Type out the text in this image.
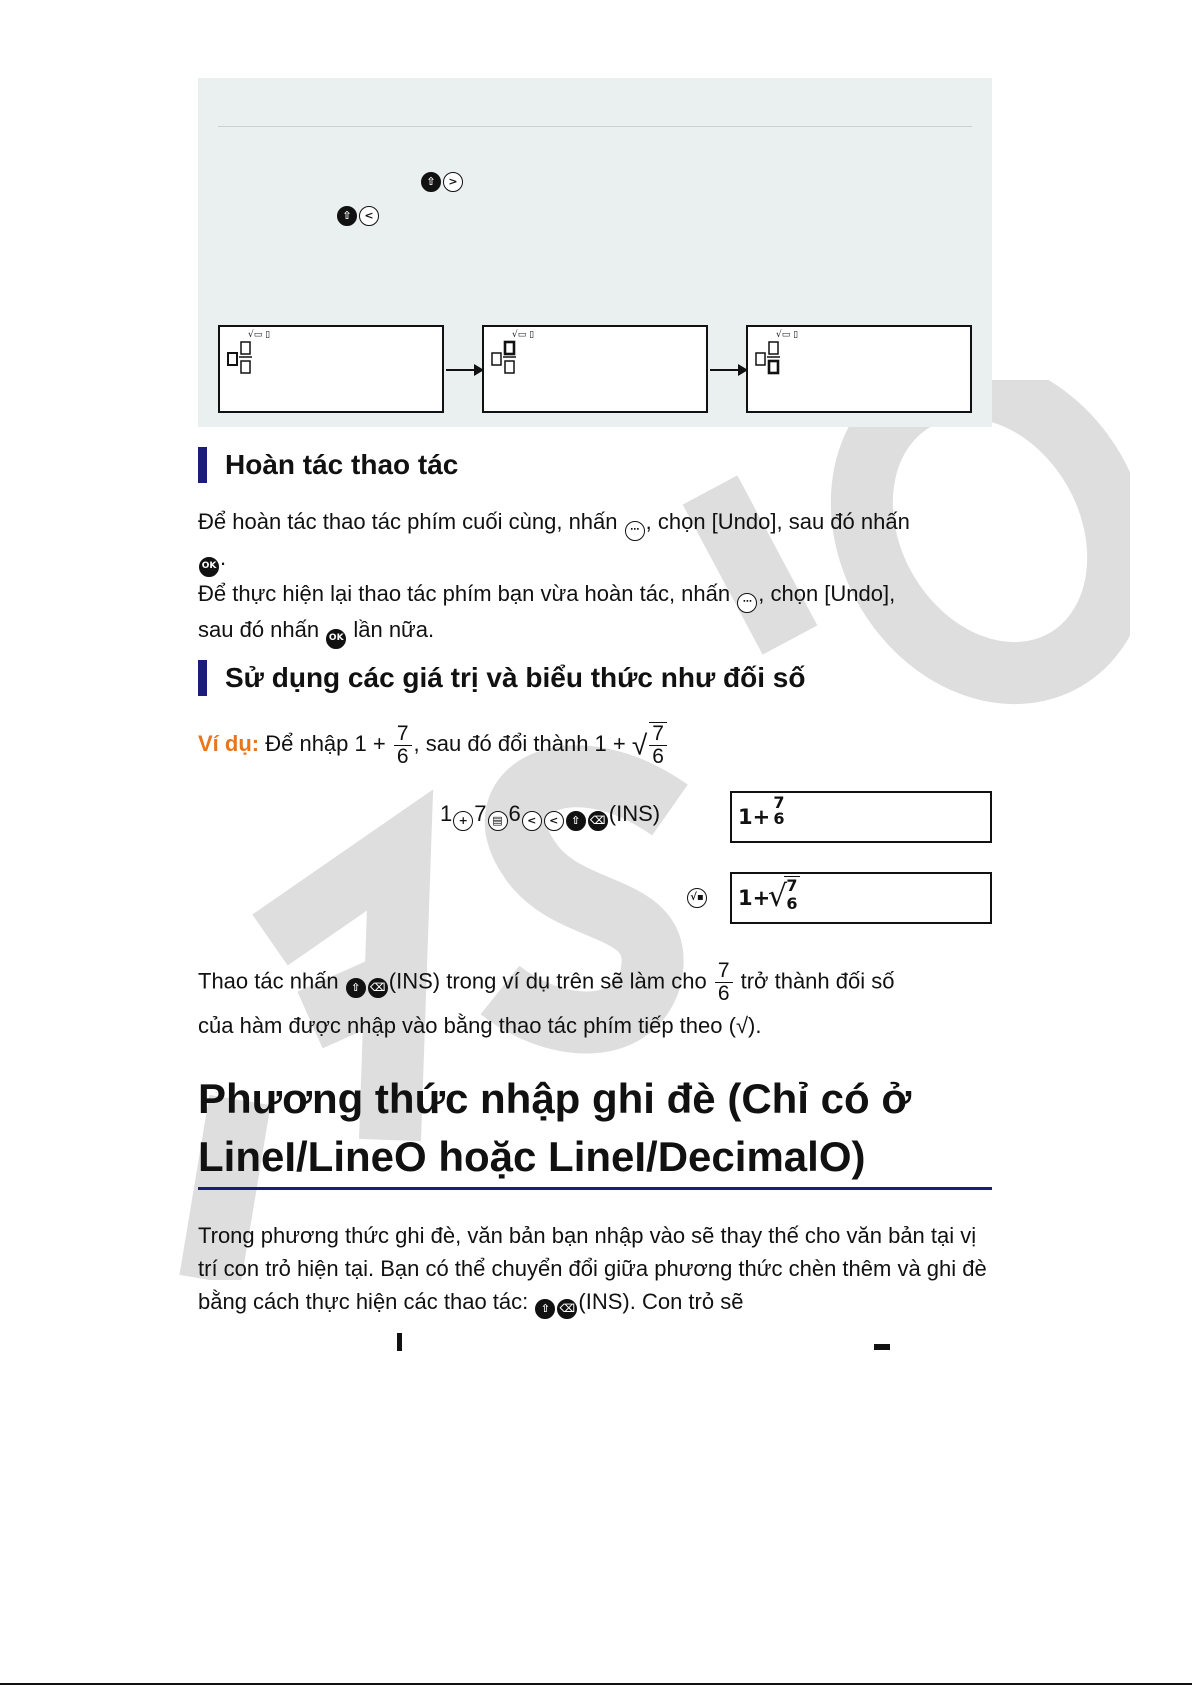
⇧ >
⇧ <
√▭ ▯	√▭ ▯	√▭ ▯
Hoàn tác thao tác
Để hoàn tác thao tác phím cuối cùng, nhấn ⋯ , chọn [Undo], sau đó nhấn
OK .
Để thực hiện lại thao tác phím bạn vừa hoàn tác, nhấn ⋯ , chọn [Undo],
sau đó nhấn OK lần nữa.
Sử dụng các giá trị và biểu thức như đối số
Ví dụ: Để nhập $1 + \frac{7}{6}$ , sau đó đổi thành 1 + √ $\frac{7}{6}$
1 + 7 ▤ 6 < < ⇧ ⌫ (INS)	1+
7
6
√▪ 1+
√ 7
6
Thao tác nhấn ⇧ ⌫ (INS) trong ví dụ trên sẽ làm cho $\frac{7}{6}$ trở thành đối số
của hàm được nhập vào bằng thao tác phím tiếp theo (√).
Phương thức nhập ghi đè (Chỉ có ở LineI/LineO hoặc LineI/DecimalO)
Trong phương thức ghi đè, văn bản bạn nhập vào sẽ thay thế cho văn bản tại vị trí con trỏ hiện tại. Bạn có thể chuyển đổi giữa phương thức chèn thêm và ghi đè bằng cách thực hiện các thao tác: ⇧ ⌫ (INS). Con trỏ sẽ
